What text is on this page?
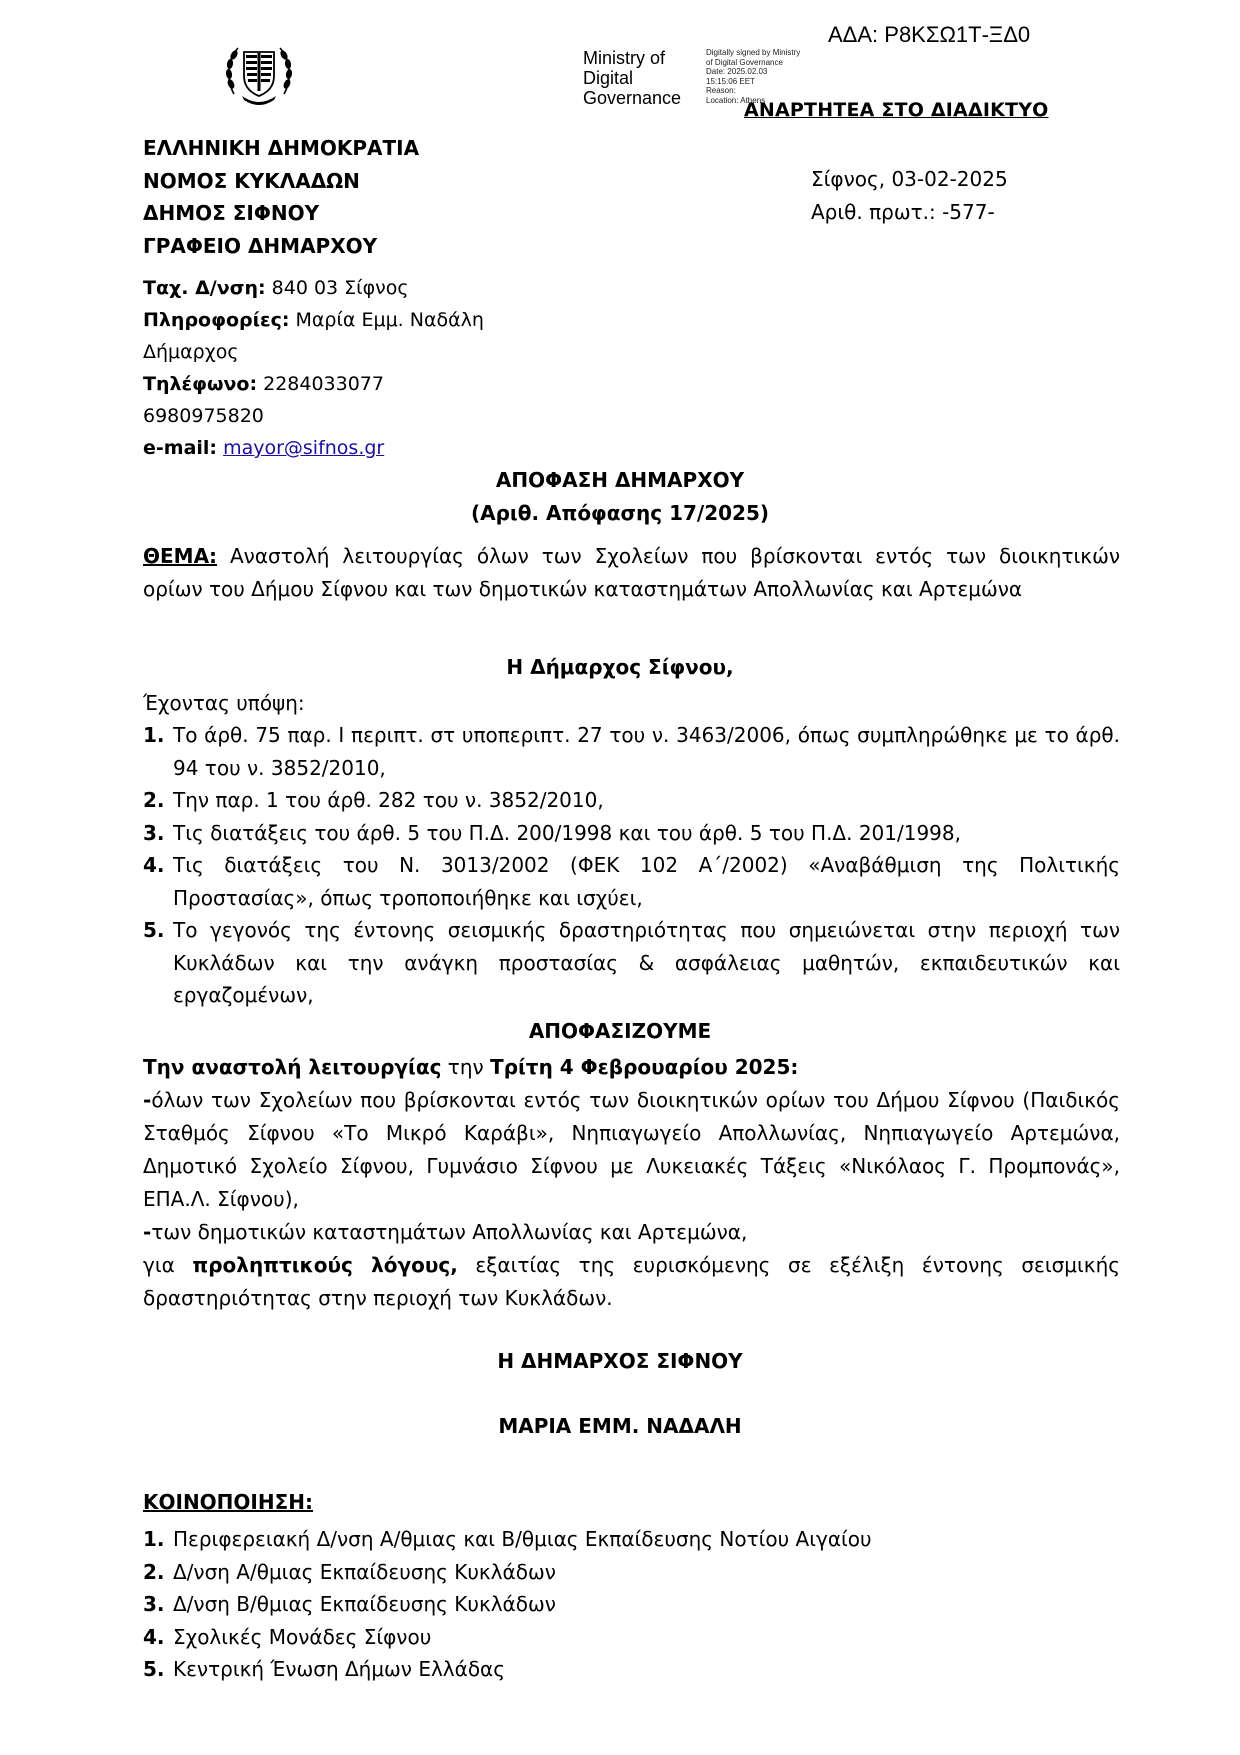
ΑΔΑ: Ρ8ΚΣΩ1Τ-ΞΔ0
Ministry of
Digital
Governance
Digitally signed by Ministry
of Digital Governance
Date: 2025.02.03
15:15:06 EET
Reason:
Location: Athens
ΑΝΑΡΤΗΤΕΑ ΣΤΟ ΔΙΑΔΙΚΤΥΟ
ΕΛΛΗΝΙΚΗ ΔΗΜΟΚΡΑΤΙΑ
ΝΟΜΟΣ ΚΥΚΛΑΔΩΝ
ΔΗΜΟΣ ΣΙΦΝΟΥ
ΓΡΑΦΕΙΟ ΔΗΜΑΡΧΟΥ
Σίφνος, 03-02-2025
Αριθ. πρωτ.: -577-
Ταχ. Δ/νση: 840 03 Σίφνος
Πληροφορίες: Μαρία Εμμ. Ναδάλη
Δήμαρχος
Τηλέφωνο: 2284033077
6980975820
e-mail: mayor@sifnos.gr
ΑΠΟΦΑΣΗ ΔΗΜΑΡΧΟΥ
(Αριθ. Απόφασης 17/2025)
ΘΕΜΑ: Αναστολή λειτουργίας όλων των Σχολείων που βρίσκονται εντός των διοικητικών ορίων του Δήμου Σίφνου και των δημοτικών καταστημάτων Απολλωνίας και Αρτεμώνα
Η Δήμαρχος Σίφνου,
Έχοντας υπόψη:
1. Το άρθ. 75 παρ. Ι περιπτ. στ υποπεριπτ. 27 του ν. 3463/2006, όπως συμπληρώθηκε με το άρθ. 94 του ν. 3852/2010,
2. Την παρ. 1 του άρθ. 282 του ν. 3852/2010,
3. Τις διατάξεις του άρθ. 5 του Π.Δ. 200/1998 και του άρθ. 5 του Π.Δ. 201/1998,
4. Τις διατάξεις του Ν. 3013/2002 (ΦΕΚ 102 Α΄/2002) «Αναβάθμιση της Πολιτικής Προστασίας», όπως τροποποιήθηκε και ισχύει,
5. Το γεγονός της έντονης σεισμικής δραστηριότητας που σημειώνεται στην περιοχή των Κυκλάδων και την ανάγκη προστασίας & ασφάλειας μαθητών, εκπαιδευτικών και εργαζομένων,
ΑΠΟΦΑΣΙΖΟΥΜΕ

Την αναστολή λειτουργίας την Τρίτη 4 Φεβρουαρίου 2025:

-όλων των Σχολείων που βρίσκονται εντός των διοικητικών ορίων του Δήμου Σίφνου (Παιδικός Σταθμός Σίφνου «Το Μικρό Καράβι», Νηπιαγωγείο Απολλωνίας, Νηπιαγωγείο Αρτεμώνα, Δημοτικό Σχολείο Σίφνου, Γυμνάσιο Σίφνου με Λυκειακές Τάξεις «Νικόλαος Γ. Προμπονάς», ΕΠΑ.Λ. Σίφνου),

-των δημοτικών καταστημάτων Απολλωνίας και Αρτεμώνα,

για προληπτικούς λόγους, εξαιτίας της ευρισκόμενης σε εξέλιξη έντονης σεισμικής δραστηριότητας στην περιοχή των Κυκλάδων.

Η ΔΗΜΑΡΧΟΣ ΣΙΦΝΟΥ
ΜΑΡΙΑ ΕΜΜ. ΝΑΔΑΛΗ
ΚΟΙΝΟΠΟΙΗΣΗ:
1. Περιφερειακή Δ/νση Α/θμιας και Β/θμιας Εκπαίδευσης Νοτίου Αιγαίου
2. Δ/νση Α/θμιας Εκπαίδευσης Κυκλάδων
3. Δ/νση Β/θμιας Εκπαίδευσης Κυκλάδων
4. Σχολικές Μονάδες Σίφνου
5. Κεντρική Ένωση Δήμων Ελλάδας
